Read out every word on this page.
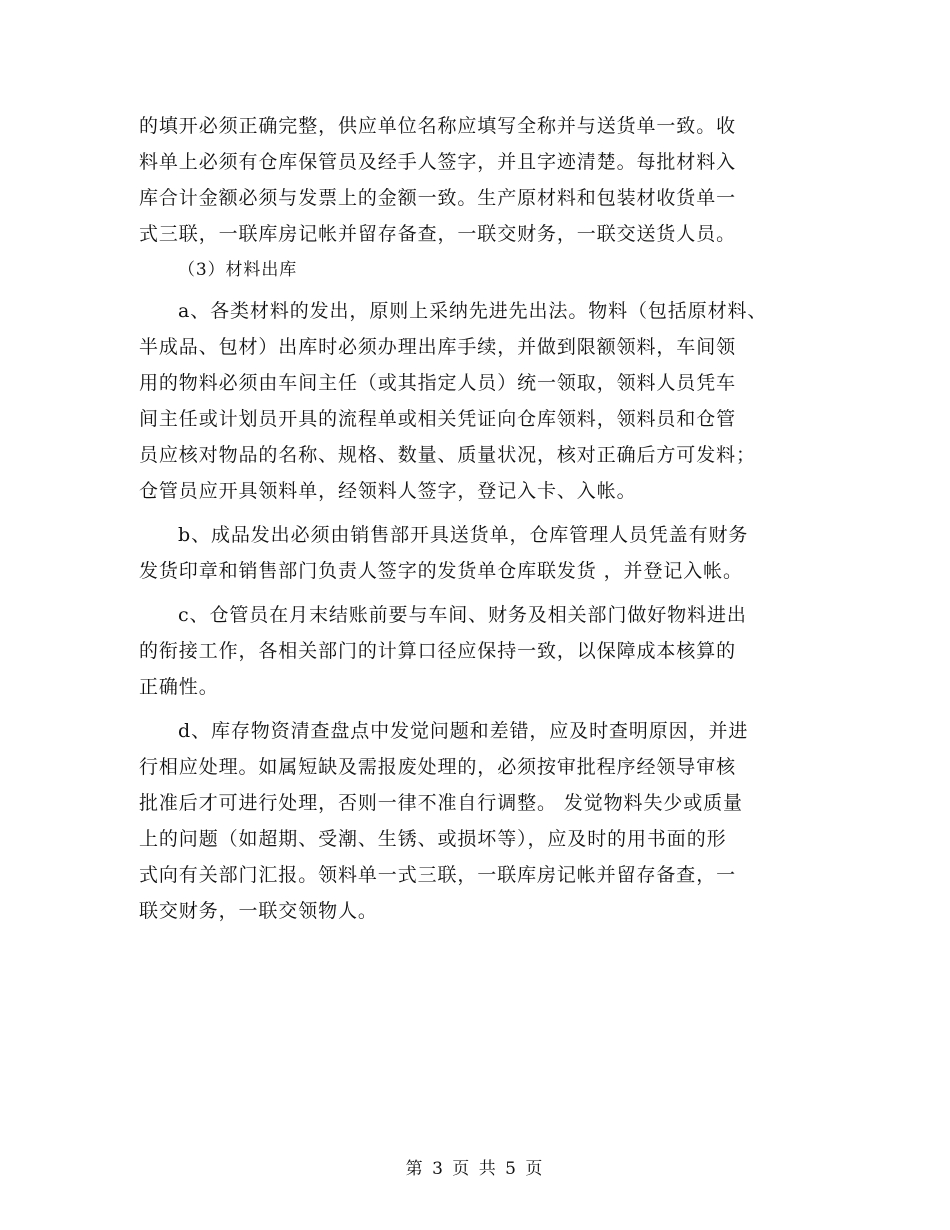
的填开必须正确完整，供应单位名称应填写全称并与送货单一致。收
料单上必须有仓库保管员及经手人签字，并且字迹清楚。每批材料入
库合计金额必须与发票上的金额一致。生产原材料和包装材收货单一
式三联，一联库房记帐并留存备查，一联交财务，一联交送货人员。
（3）材料出库
a、各类材料的发出，原则上采纳先进先出法。物料（包括原材料、
半成品、包材）出库时必须办理出库手续，并做到限额领料，车间领
用的物料必须由车间主任（或其指定人员）统一领取，领料人员凭车
间主任或计划员开具的流程单或相关凭证向仓库领料，领料员和仓管
员应核对物品的名称、规格、数量、质量状况，核对正确后方可发料；
仓管员应开具领料单，经领料人签字，登记入卡、入帐。
b、成品发出必须由销售部开具送货单，仓库管理人员凭盖有财务
发货印章和销售部门负责人签字的发货单仓库联发货 ，并登记入帐。
c、仓管员在月末结账前要与车间、财务及相关部门做好物料进出
的衔接工作，各相关部门的计算口径应保持一致，以保障成本核算的
正确性。
d、库存物资清查盘点中发觉问题和差错，应及时查明原因，并进
行相应处理。如属短缺及需报废处理的，必须按审批程序经领导审核
批准后才可进行处理，否则一律不准自行调整。 发觉物料失少或质量
上的问题（如超期、受潮、生锈、或损坏等），应及时的用书面的形
式向有关部门汇报。领料单一式三联，一联库房记帐并留存备查，一
联交财务，一联交领物人。
第 3 页 共 5 页
